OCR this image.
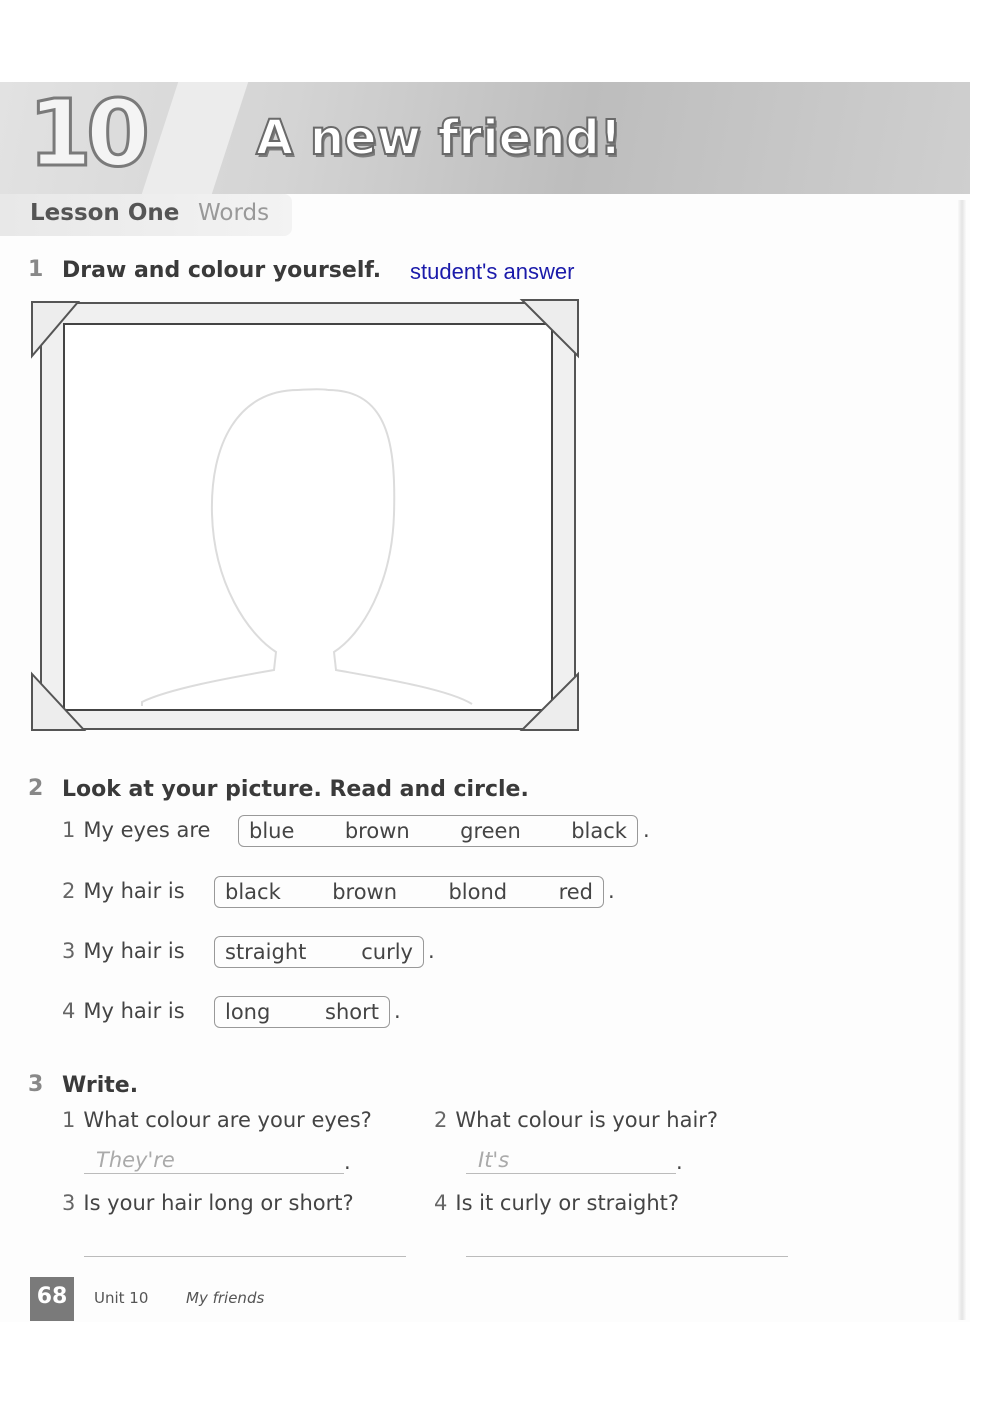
10 A new friend!
Lesson One Words
1 Draw and colour yourself. student's answer
2 Look at your picture. Read and circle.
1 My eyes are blue brown green black .
2 My hair is black brown blond red .
3 My hair is straight	curly .
4 My hair is long	short .
3 Write.
1 What colour are your eyes?
They're	.
2 What colour is your hair?
It's	.
3 Is your hair long or short?	4 Is it curly or straight?
68	Unit 10	My friends
